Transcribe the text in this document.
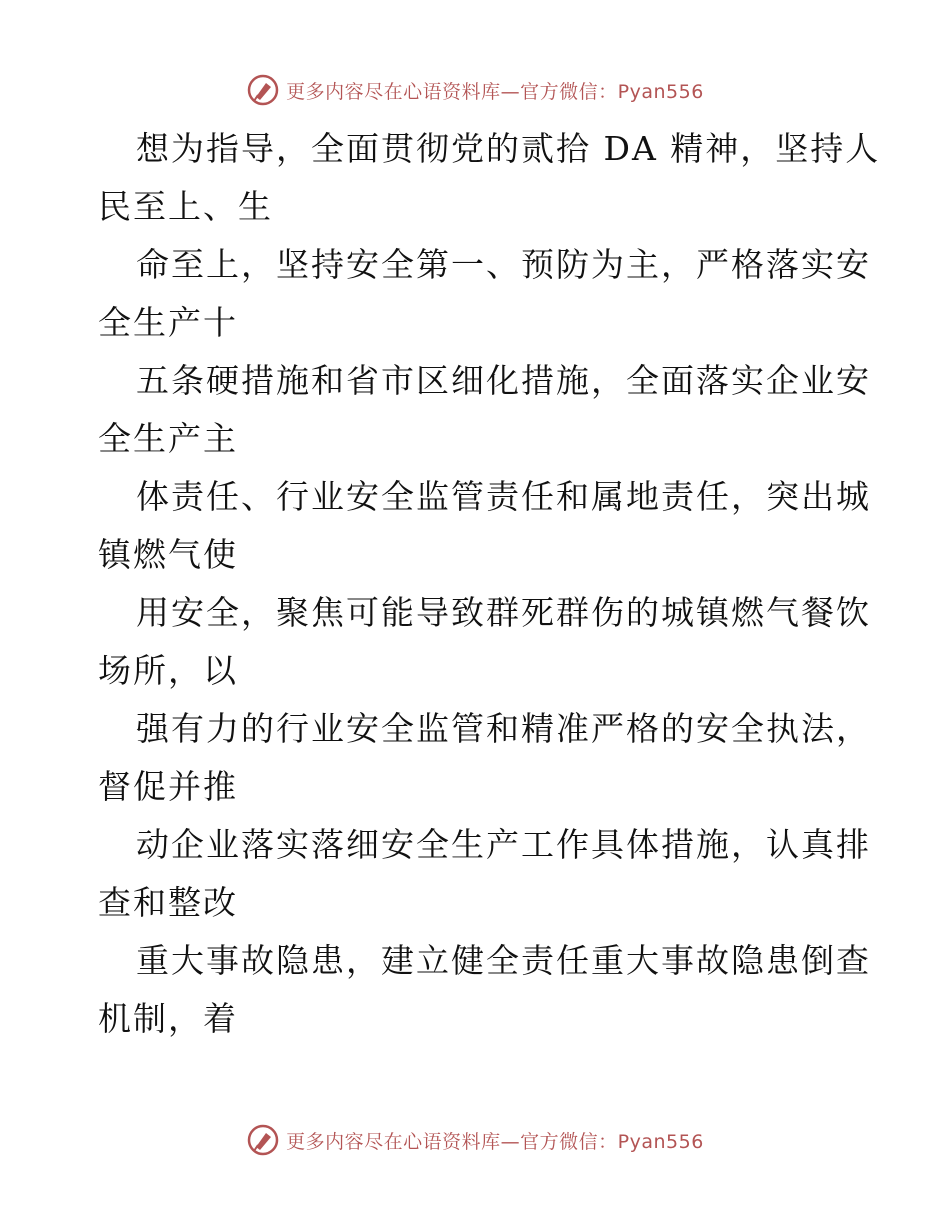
更多内容尽在心语资料库—官方微信：Pyan556
想为指导，全面贯彻党的贰拾 DA 精神，坚持人
民至上、生
命至上，坚持安全第一、预防为主，严格落实安
全生产十
五条硬措施和省市区细化措施，全面落实企业安
全生产主
体责任、行业安全监管责任和属地责任，突出城
镇燃气使
用安全，聚焦可能导致群死群伤的城镇燃气餐饮
场所，以
强有力的行业安全监管和精准严格的安全执法，
督促并推
动企业落实落细安全生产工作具体措施，认真排
查和整改
重大事故隐患，建立健全责任重大事故隐患倒查
机制，着
更多内容尽在心语资料库—官方微信：Pyan556
